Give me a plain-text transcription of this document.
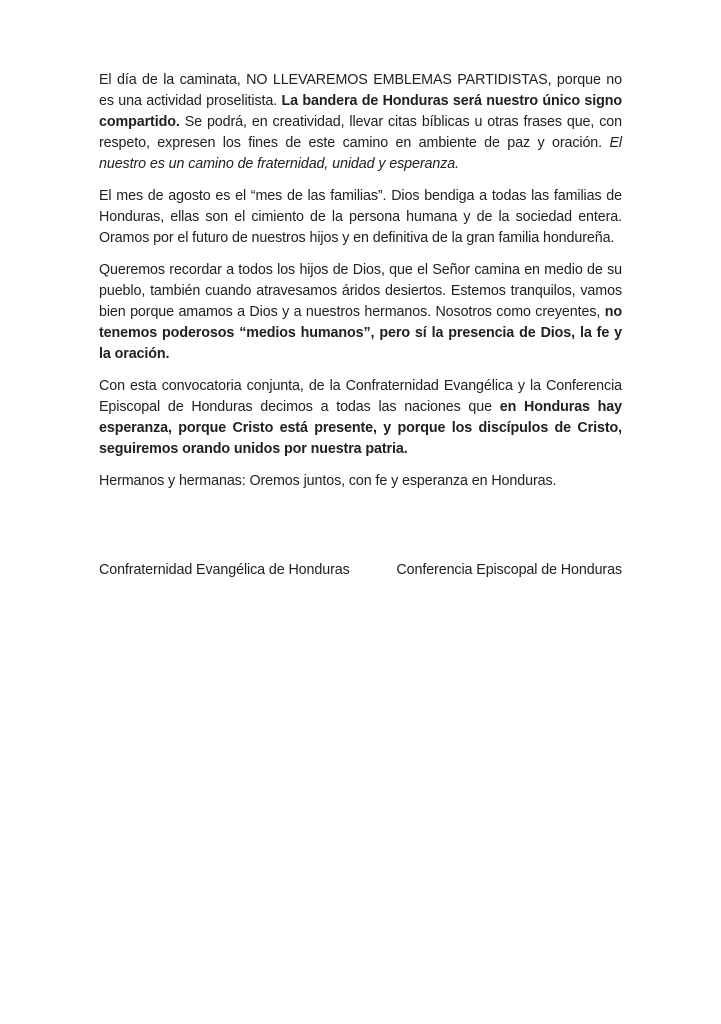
El día de la caminata, NO LLEVAREMOS EMBLEMAS PARTIDISTAS, porque no es una actividad proselitista. La bandera de Honduras será nuestro único signo compartido. Se podrá, en creatividad, llevar citas bíblicas u otras frases que, con respeto, expresen los fines de este camino en ambiente de paz y oración. El nuestro es un camino de fraternidad, unidad y esperanza.

El mes de agosto es el “mes de las familias”. Dios bendiga a todas las familias de Honduras, ellas son el cimiento de la persona humana y de la sociedad entera. Oramos por el futuro de nuestros hijos y en definitiva de la gran familia hondureña.

Queremos recordar a todos los hijos de Dios, que el Señor camina en medio de su pueblo, también cuando atravesamos áridos desiertos. Estemos tranquilos, vamos bien porque amamos a Dios y a nuestros hermanos. Nosotros como creyentes, no tenemos poderosos “medios humanos”, pero sí la presencia de Dios, la fe y la oración.

Con esta convocatoria conjunta, de la Confraternidad Evangélica y la Conferencia Episcopal de Honduras decimos a todas las naciones que en Honduras hay esperanza, porque Cristo está presente, y porque los discípulos de Cristo, seguiremos orando unidos por nuestra patria.

Hermanos y hermanas: Oremos juntos, con fe y esperanza en Honduras.

Confraternidad Evangélica de Honduras	Conferencia Episcopal de Honduras
